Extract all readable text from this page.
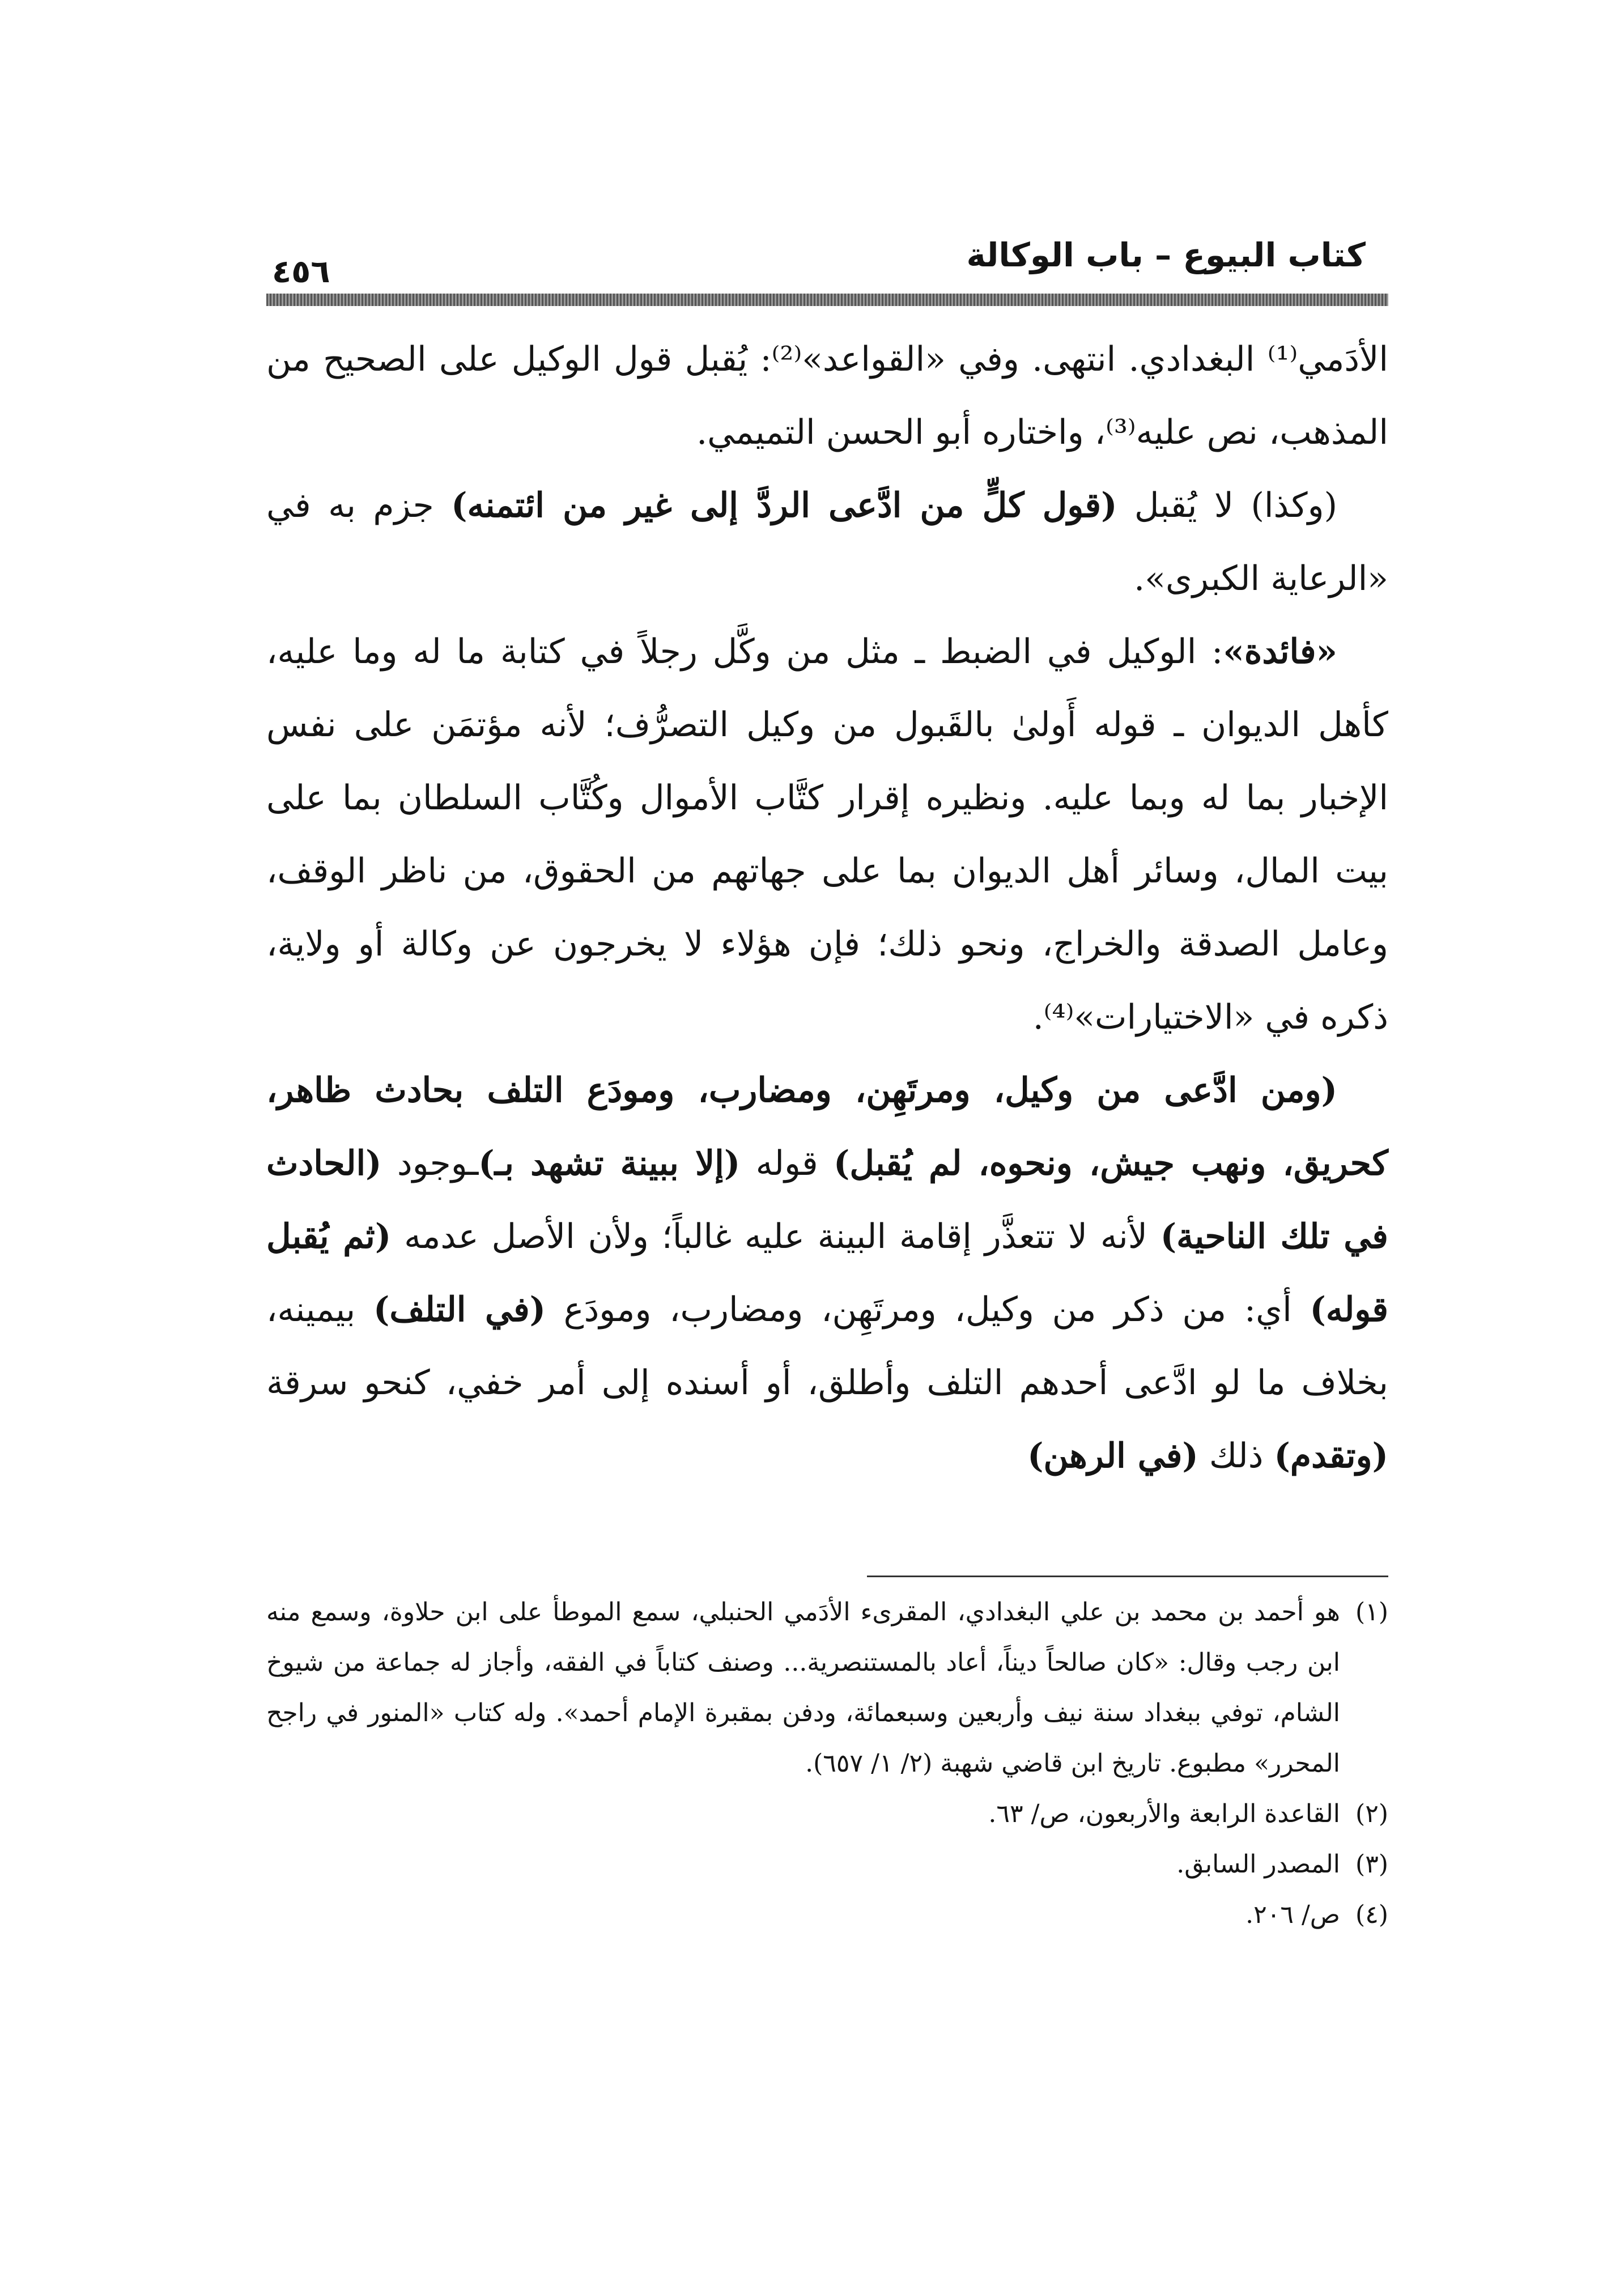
كتاب البيوع – باب الوكالة
٤٥٦

الأدَمي⁽¹⁾ البغدادي. انتهى. وفي «القواعد»⁽²⁾: يُقبل قول الوكيل على الصحيح من المذهب، نص عليه⁽³⁾، واختاره أبو الحسن التميمي.

(وكذا) لا يُقبل (قول كلٍّ من ادَّعى الردَّ إلى غير من ائتمنه) جزم به في «الرعاية الكبرى».

«فائدة»: الوكيل في الضبط ـ مثل من وكَّل رجلاً في كتابة ما له وما عليه، كأهل الديوان ـ قوله أَولىٰ بالقَبول من وكيل التصرُّف؛ لأنه مؤتمَن على نفس الإخبار بما له وبما عليه. ونظيره إقرار كتَّاب الأموال وكُتَّاب السلطان بما على بيت المال، وسائر أهل الديوان بما على جهاتهم من الحقوق، من ناظر الوقف، وعامل الصدقة والخراج، ونحو ذلك؛ فإن هؤلاء لا يخرجون عن وكالة أو ولاية، ذكره في «الاختيارات»⁽⁴⁾.

(ومن ادَّعى من وكيل، ومرتَهِن، ومضارب، ومودَع التلف بحادث ظاهر، كحريق، ونهب جيش، ونحوه، لم يُقبل) قوله (إلا ببينة تشهد بـ)ـوجود (الحادث في تلك الناحية) لأنه لا تتعذَّر إقامة البينة عليه غالباً؛ ولأن الأصل عدمه (ثم يُقبل قوله) أي: من ذكر من وكيل، ومرتَهِن، ومضارب، ومودَع (في التلف) بيمينه، بخلاف ما لو ادَّعى أحدهم التلف وأطلق، أو أسنده إلى أمر خفي، كنحو سرقة (وتقدم) ذلك (في الرهن)

(١)هو أحمد بن محمد بن علي البغدادي، المقرىء الأدَمي الحنبلي، سمع الموطأ على ابن حلاوة، وسمع منه ابن رجب وقال: «كان صالحاً ديناً، أعاد بالمستنصرية... وصنف كتاباً في الفقه، وأجاز له جماعة من شيوخ الشام، توفي ببغداد سنة نيف وأربعين وسبعمائة، ودفن بمقبرة الإمام أحمد». وله كتاب «المنور في راجح المحرر» مطبوع. تاريخ ابن قاضي شهبة (٢/ ١/ ٦٥٧).

(٢)القاعدة الرابعة والأربعون، ص/ ٦٣.

(٣)المصدر السابق.

(٤)ص/ ٢٠٦.
